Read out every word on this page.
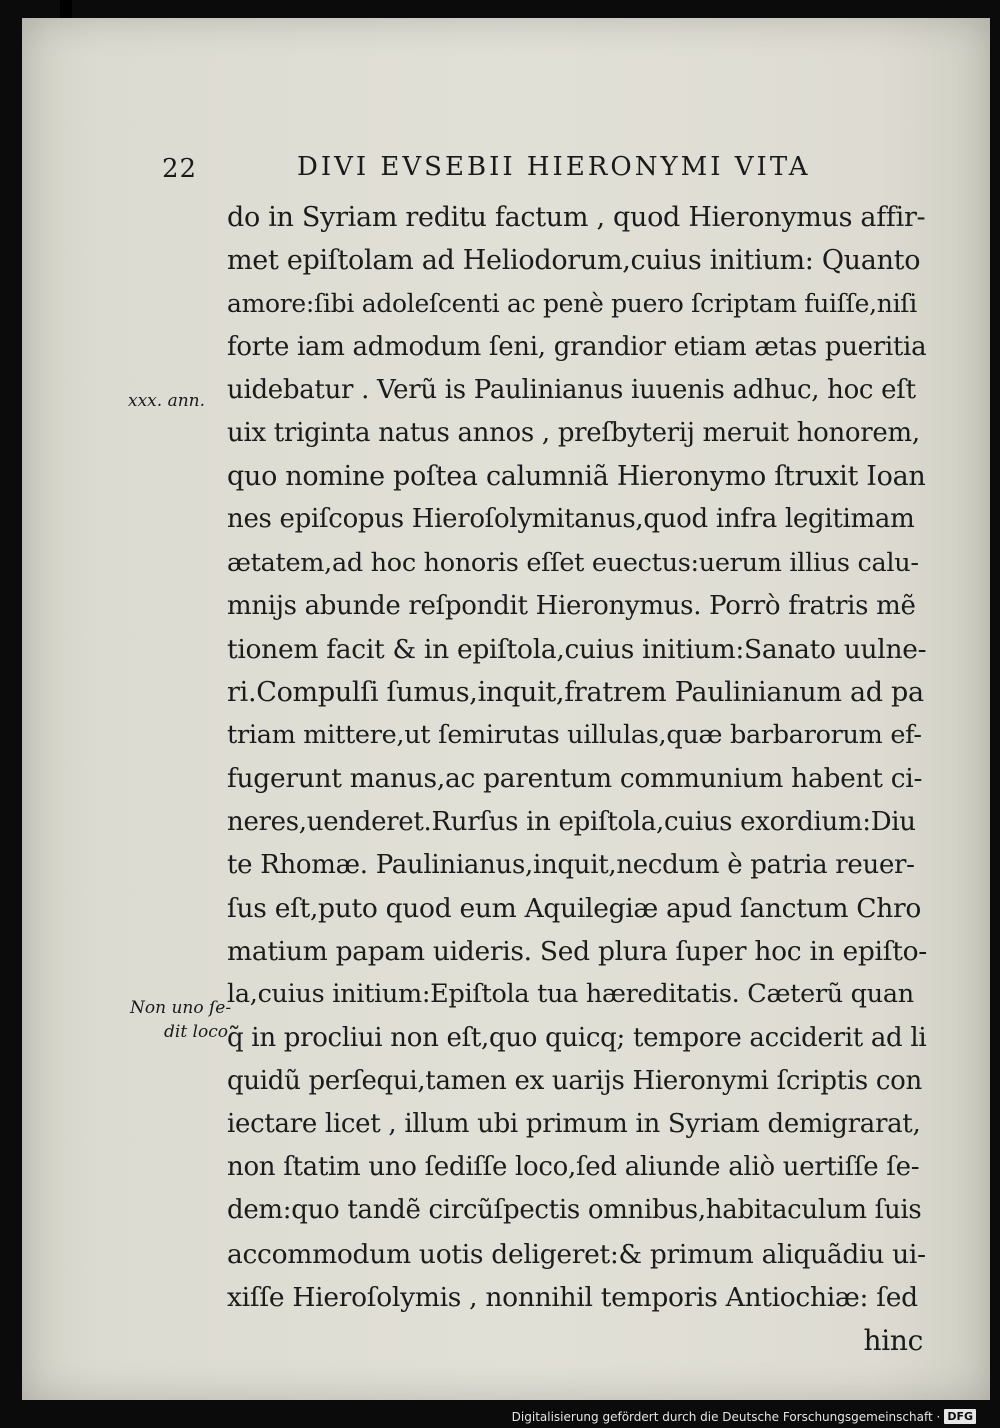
22	DIVI EVSEBII HIERONYMI VITA
do in Syriam reditu factum , quod Hieronymus affir-
met epiſtolam ad Heliodorum,cuius initium: Quanto
amore:ſibi adoleſcenti ac penè puero ſcriptam fuiſſe,niſi
forte iam admodum ſeni, grandior etiam ætas pueritia
uidebatur . Verũ is Paulinianus iuuenis adhuc, hoc eſt
uix triginta natus annos , preſbyterij meruit honorem,
quo nomine poſtea calumniã Hieronymo ſtruxit Ioan
nes epiſcopus Hieroſolymitanus,quod infra legitimam
ætatem,ad hoc honoris eſſet euectus:uerum illius calu-
mnijs abunde reſpondit Hieronymus. Porrò fratris mẽ
tionem facit & in epiſtola,cuius initium:Sanato uulne-
ri.Compulſi ſumus,inquit,fratrem Paulinianum ad pa
triam mittere,ut ſemirutas uillulas,quæ barbarorum ef-
fugerunt manus,ac parentum communium habent ci-
neres,uenderet.Rurſus in epiſtola,cuius exordium:Diu
te Rhomæ. Paulinianus,inquit,necdum è patria reuer-
ſus eſt,puto quod eum Aquilegiæ apud ſanctum Chro
matium papam uideris. Sed plura ſuper hoc in epiſto-
la,cuius initium:Epiſtola tua hæreditatis. Cæterũ quan
q̃ in procliui non eſt,quo quicq; tempore acciderit ad li
quidũ perſequi,tamen ex uarijs Hieronymi ſcriptis con
iectare licet , illum ubi primum in Syriam demigrarat,
non ſtatim uno ſediſſe loco,ſed aliunde aliò uertiſſe ſe-
dem:quo tandẽ circũſpectis omnibus,habitaculum ſuis
accommodum uotis deligeret:& primum aliquãdiu ui-
xiſſe Hieroſolymis , nonnihil temporis Antiochiæ: ſed
hinc
xxx. ann.
Non uno ſe-
dit loco.
Digitalisierung gefördert durch die Deutsche Forschungsgemeinschaft · DFG
